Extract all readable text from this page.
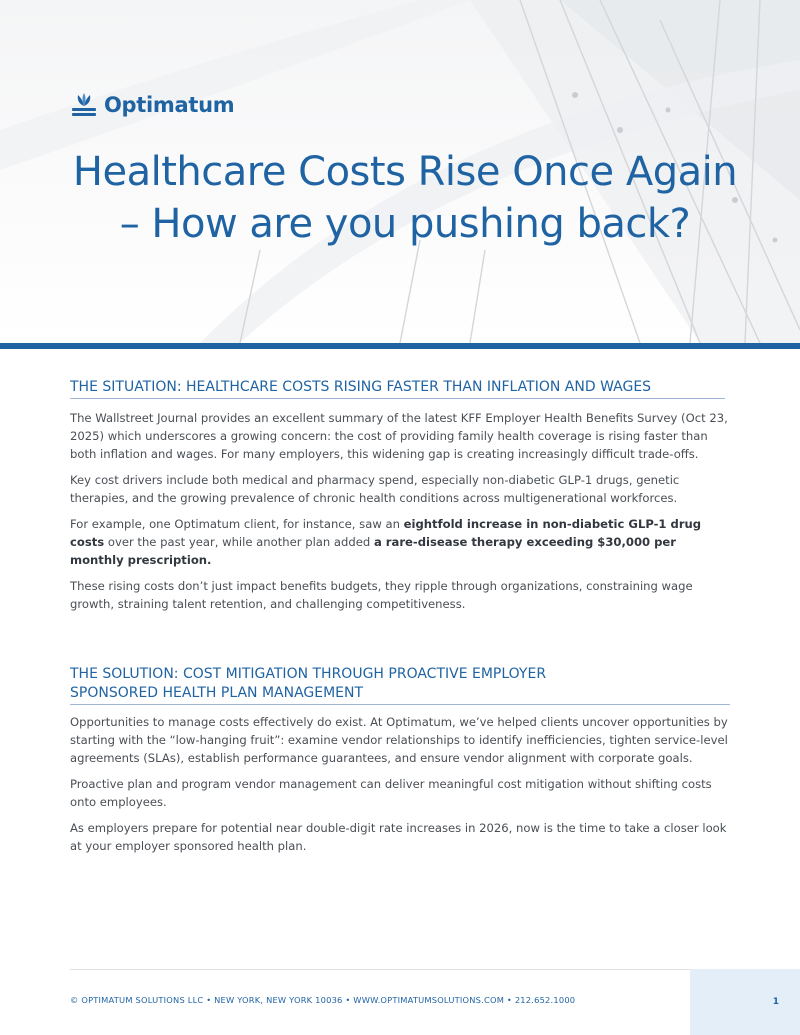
Optimatum
Healthcare Costs Rise Once Again
– How are you pushing back?
THE SITUATION: HEALTHCARE COSTS RISING FASTER THAN INFLATION AND WAGES

The Wallstreet Journal provides an excellent summary of the latest KFF Employer Health Benefits Survey (Oct 23, 2025) which underscores a growing concern: the cost of providing family health coverage is rising faster than both inflation and wages. For many employers, this widening gap is creating increasingly difficult trade-offs.

Key cost drivers include both medical and pharmacy spend, especially non-diabetic GLP-1 drugs, genetic therapies, and the growing prevalence of chronic health conditions across multigenerational workforces.

For example, one Optimatum client, for instance, saw an eightfold increase in non-diabetic GLP-1 drug costs over the past year, while another plan added a rare-disease therapy exceeding $30,000 per monthly prescription.

These rising costs don’t just impact benefits budgets, they ripple through organizations, constraining wage growth, straining talent retention, and challenging competitiveness.

THE SOLUTION: COST MITIGATION THROUGH PROACTIVE EMPLOYER
SPONSORED HEALTH PLAN MANAGEMENT

Opportunities to manage costs effectively do exist. At Optimatum, we’ve helped clients uncover opportunities by starting with the “low-hanging fruit”: examine vendor relationships to identify inefficiencies, tighten service-level agreements (SLAs), establish performance guarantees, and ensure vendor alignment with corporate goals.

Proactive plan and program vendor management can deliver meaningful cost mitigation without shifting costs onto employees.

As employers prepare for potential near double-digit rate increases in 2026, now is the time to take a closer look at your employer sponsored health plan.

© OPTIMATUM SOLUTIONS LLC • NEW YORK, NEW YORK 10036 • WWW.OPTIMATUMSOLUTIONS.COM • 212.652.1000	1
